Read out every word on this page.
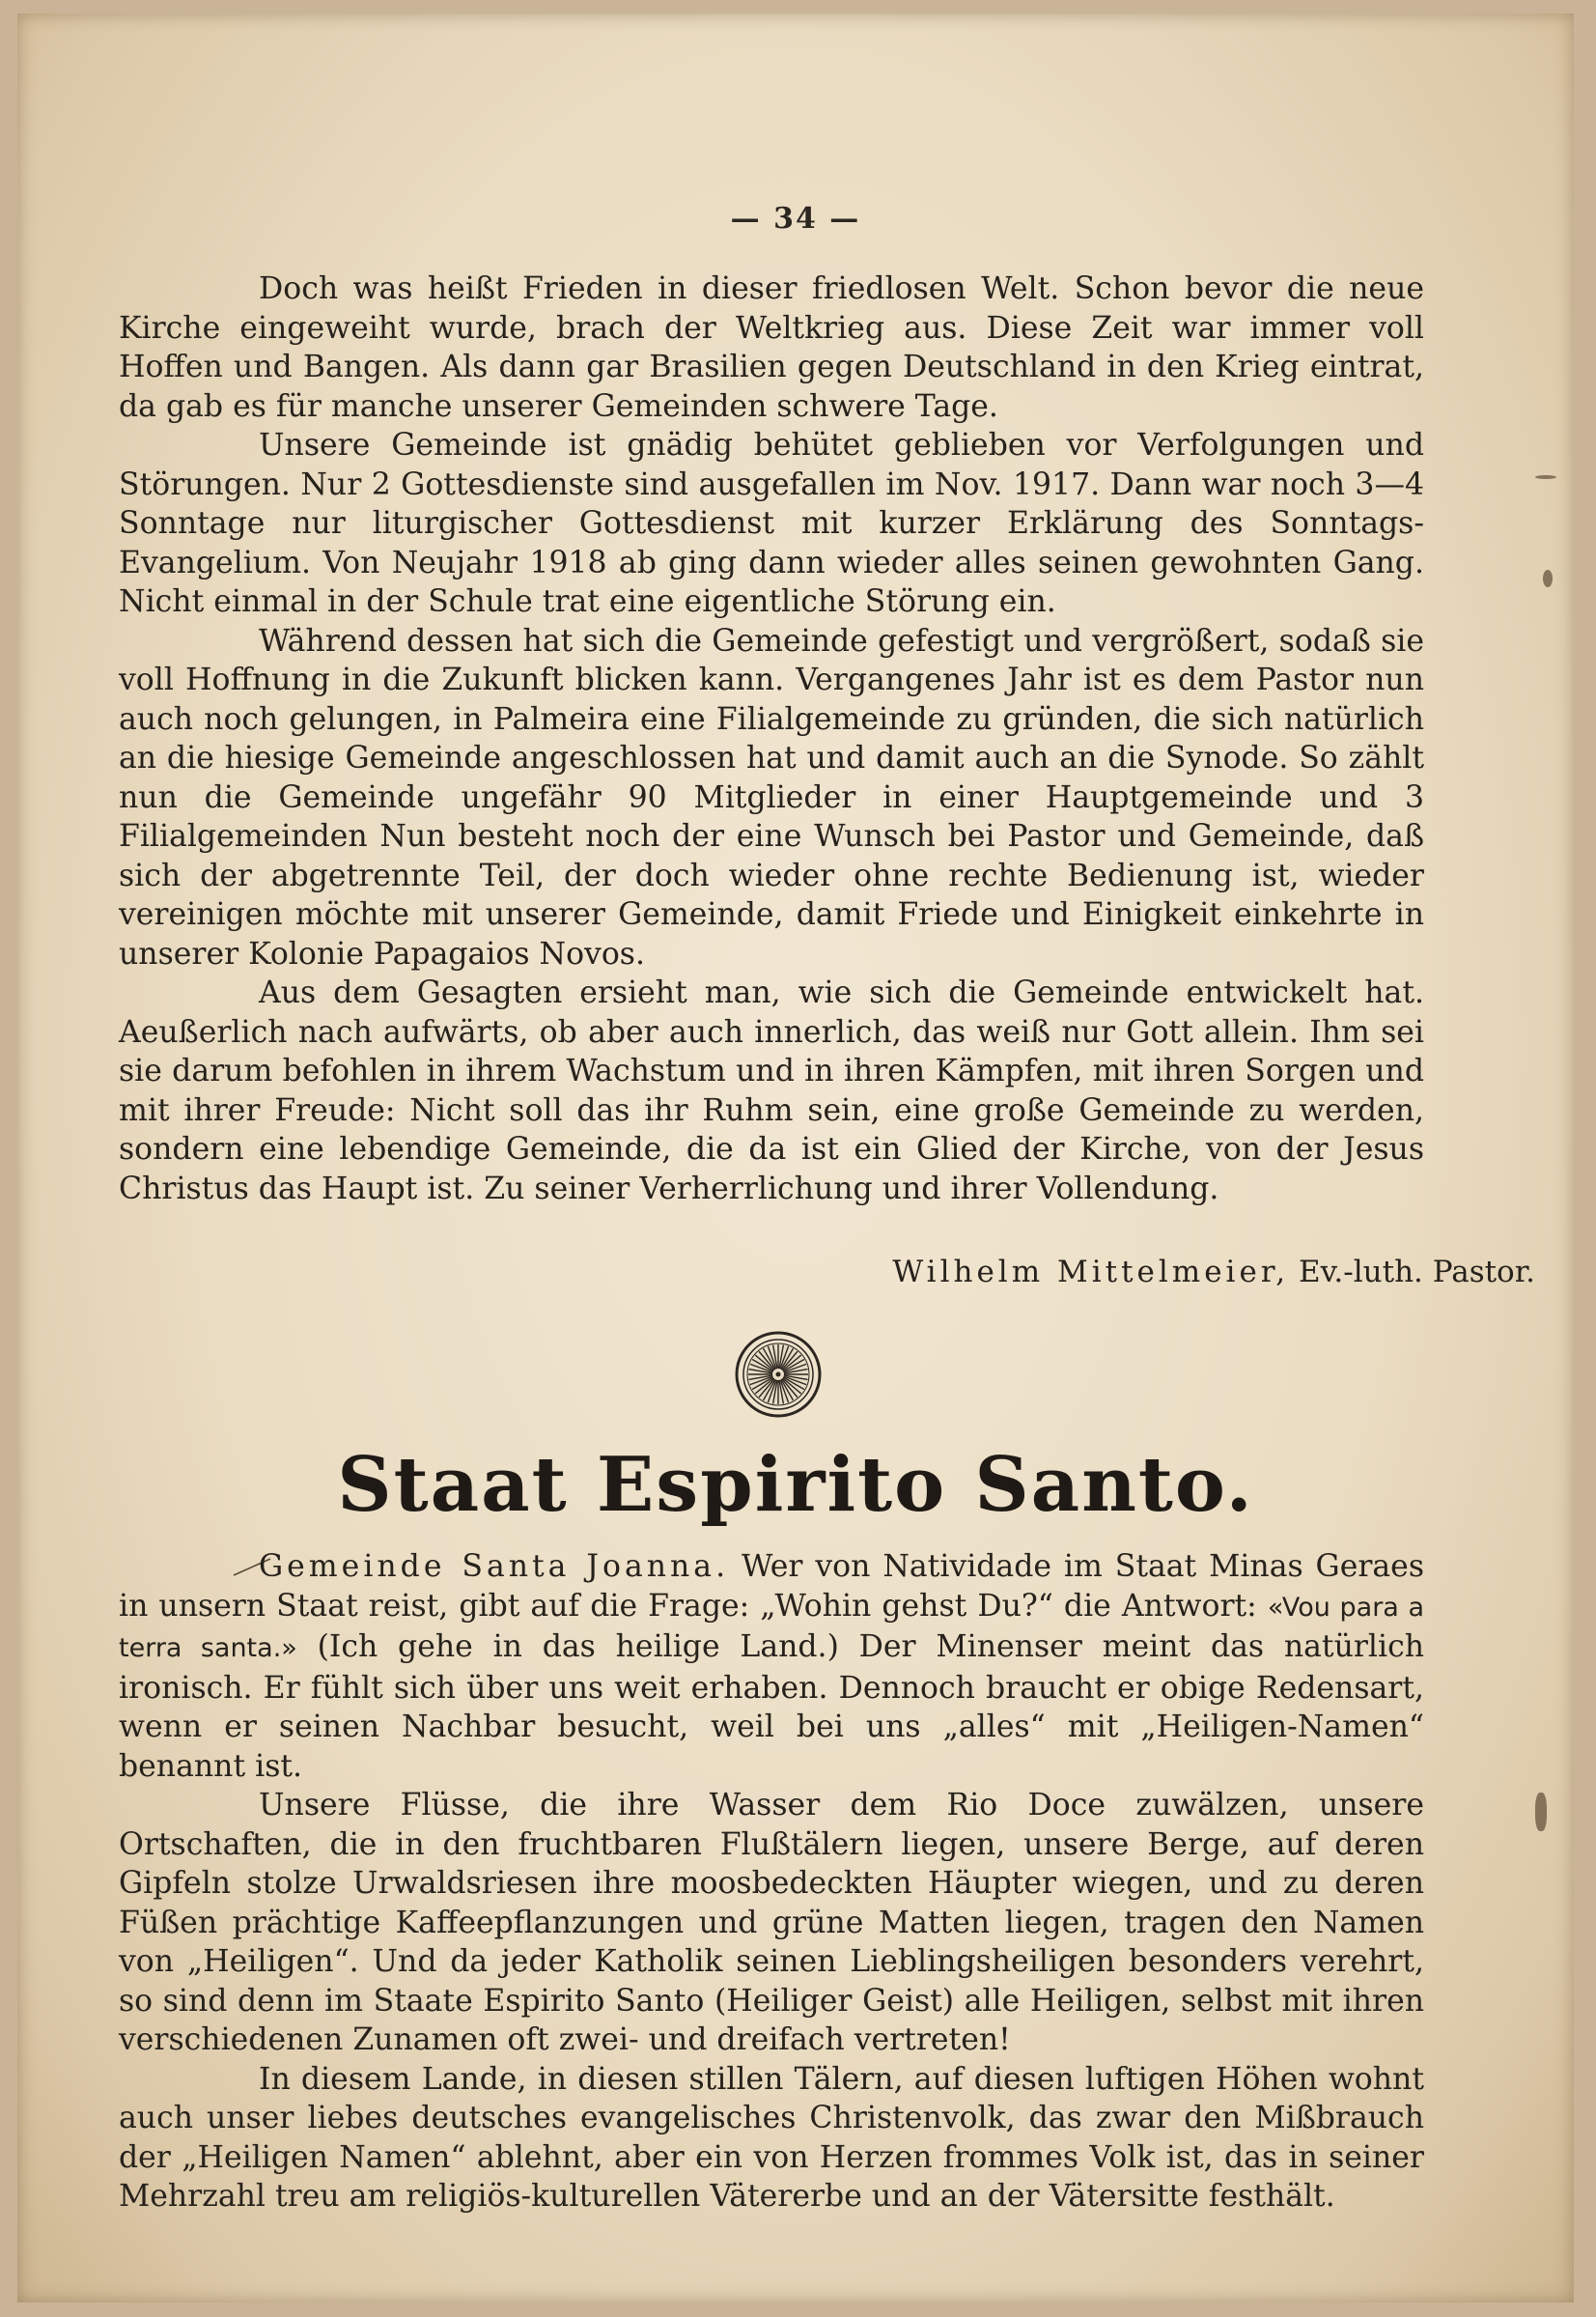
— 34 —

Doch was heißt Frieden in dieser friedlosen Welt. Schon bevor die neue Kirche eingeweiht wurde, brach der Weltkrieg aus. Diese Zeit war immer voll Hoffen und Bangen. Als dann gar Brasilien gegen Deutschland in den Krieg eintrat, da gab es für manche unserer Gemeinden schwere Tage.

Unsere Gemeinde ist gnädig behütet geblieben vor Verfolgungen und Störungen. Nur 2 Gottesdienste sind ausgefallen im Nov. 1917. Dann war noch 3—4 Sonntage nur liturgischer Gottesdienst mit kurzer Erklärung des Sonntags-Evangelium. Von Neujahr 1918 ab ging dann wieder alles seinen gewohnten Gang. Nicht einmal in der Schule trat eine eigentliche Störung ein.

Während dessen hat sich die Gemeinde gefestigt und vergrößert, sodaß sie voll Hoffnung in die Zukunft blicken kann. Vergangenes Jahr ist es dem Pastor nun auch noch gelungen, in Palmeira eine Filialgemeinde zu gründen, die sich natürlich an die hiesige Gemeinde angeschlossen hat und damit auch an die Synode. So zählt nun die Gemeinde ungefähr 90 Mitglieder in einer Hauptgemeinde und 3 Filialgemeinden Nun besteht noch der eine Wunsch bei Pastor und Gemeinde, daß sich der abgetrennte Teil, der doch wieder ohne rechte Bedienung ist, wieder vereinigen möchte mit unserer Gemeinde, damit Friede und Einigkeit einkehrte in unserer Kolonie Papagaios Novos.

Aus dem Gesagten ersieht man, wie sich die Gemeinde entwickelt hat. Aeußerlich nach aufwärts, ob aber auch innerlich, das weiß nur Gott allein. Ihm sei sie darum befohlen in ihrem Wachstum und in ihren Kämpfen, mit ihren Sorgen und mit ihrer Freude: Nicht soll das ihr Ruhm sein, eine große Gemeinde zu werden, sondern eine lebendige Gemeinde, die da ist ein Glied der Kirche, von der Jesus Christus das Haupt ist. Zu seiner Verherrlichung und ihrer Vollendung.

Wilhelm Mittelmeier, Ev.-luth. Pastor.
Staat Espirito Santo.

Gemeinde Santa Joanna. Wer von Natividade im Staat Minas Geraes in unsern Staat reist, gibt auf die Frage: „Wohin gehst Du?“ die Antwort: «Vou para a terra santa.» (Ich gehe in das heilige Land.) Der Minenser meint das natürlich ironisch. Er fühlt sich über uns weit erhaben. Dennoch braucht er obige Redensart, wenn er seinen Nachbar besucht, weil bei uns „alles“ mit „Heiligen-Namen“ benannt ist.

Unsere Flüsse, die ihre Wasser dem Rio Doce zuwälzen, unsere Ortschaften, die in den fruchtbaren Flußtälern liegen, unsere Berge, auf deren Gipfeln stolze Urwaldsriesen ihre moosbedeckten Häupter wiegen, und zu deren Füßen prächtige Kaffeepflanzungen und grüne Matten liegen, tragen den Namen von „Heiligen“. Und da jeder Katholik seinen Lieblingsheiligen besonders verehrt, so sind denn im Staate Espirito Santo (Heiliger Geist) alle Heiligen, selbst mit ihren verschiedenen Zunamen oft zwei- und dreifach vertreten!

In diesem Lande, in diesen stillen Tälern, auf diesen luftigen Höhen wohnt auch unser liebes deutsches evangelisches Christenvolk, das zwar den Mißbrauch der „Heiligen Namen“ ablehnt, aber ein von Herzen frommes Volk ist, das in seiner Mehrzahl treu am religiös-kulturellen Vätererbe und an der Vätersitte festhält.
